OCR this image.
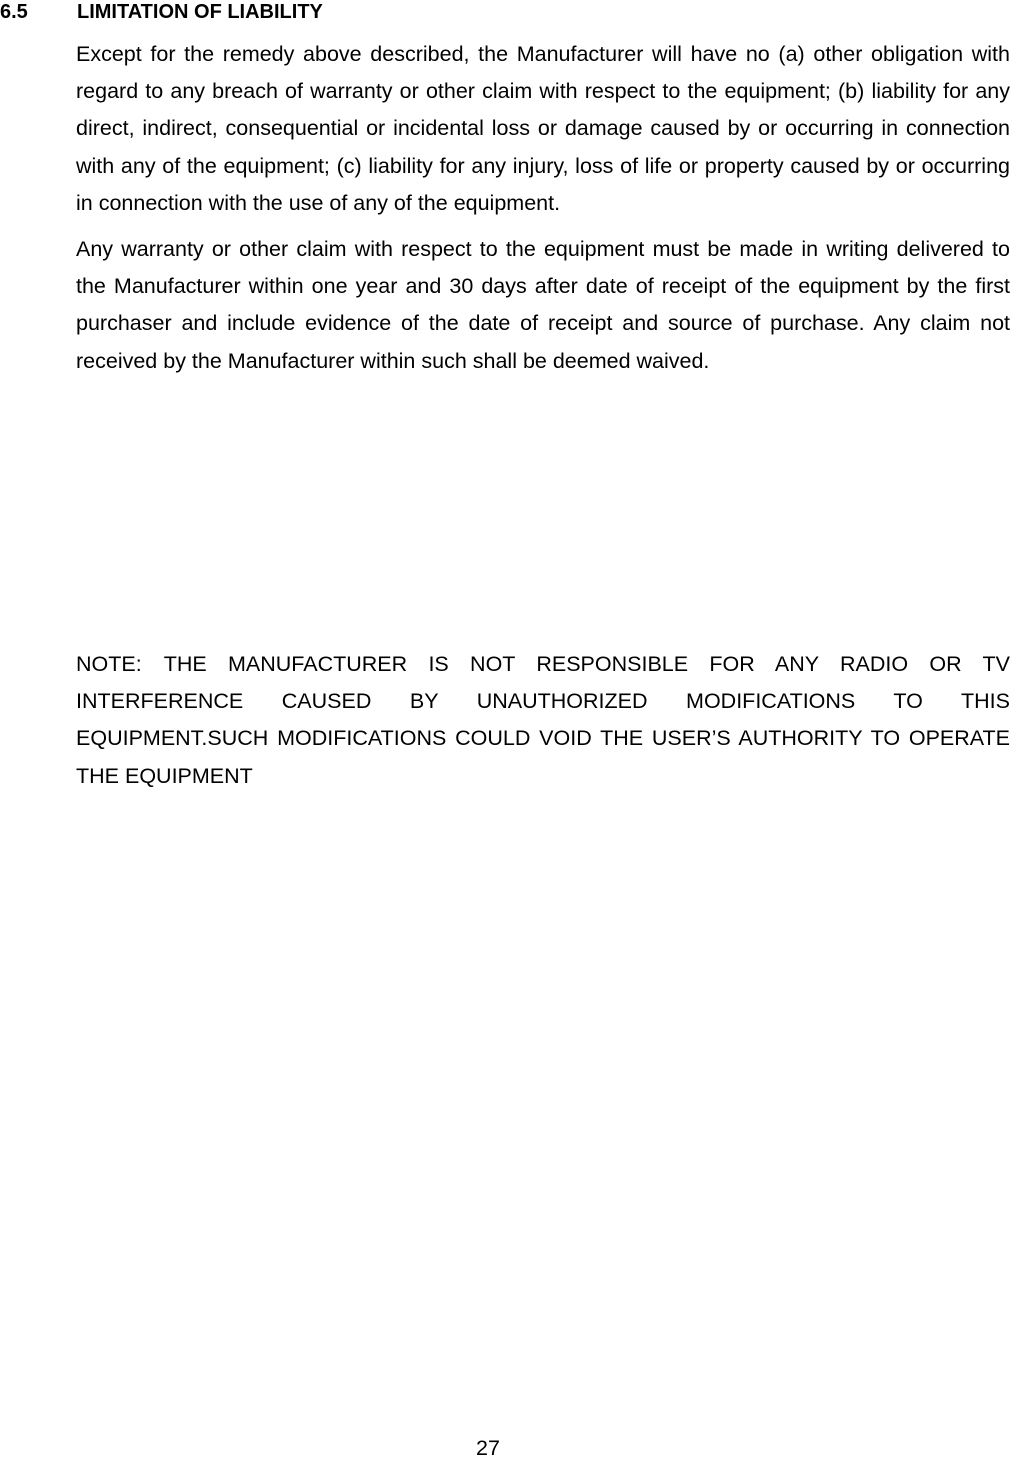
6.5 LIMITATION OF LIABILITY

Except for the remedy above described, the Manufacturer will have no (a) other obligation with regard to any breach of warranty or other claim with respect to the equipment; (b) liability for any direct, indirect, consequential or incidental loss or damage caused by or occurring in connection with any of the equipment; (c) liability for any injury, loss of life or property caused by or occurring in connection with the use of any of the equipment.

Any warranty or other claim with respect to the equipment must be made in writing delivered to the Manufacturer within one year and 30 days after date of receipt of the equipment by the first purchaser and include evidence of the date of receipt and source of purchase. Any claim not received by the Manufacturer within such shall be deemed waived.

NOTE: THE MANUFACTURER IS NOT RESPONSIBLE FOR ANY RADIO OR TV INTERFERENCE CAUSED BY UNAUTHORIZED MODIFICATIONS TO THIS EQUIPMENT.SUCH MODIFICATIONS COULD VOID THE USER’S AUTHORITY TO OPERATE THE EQUIPMENT

27
